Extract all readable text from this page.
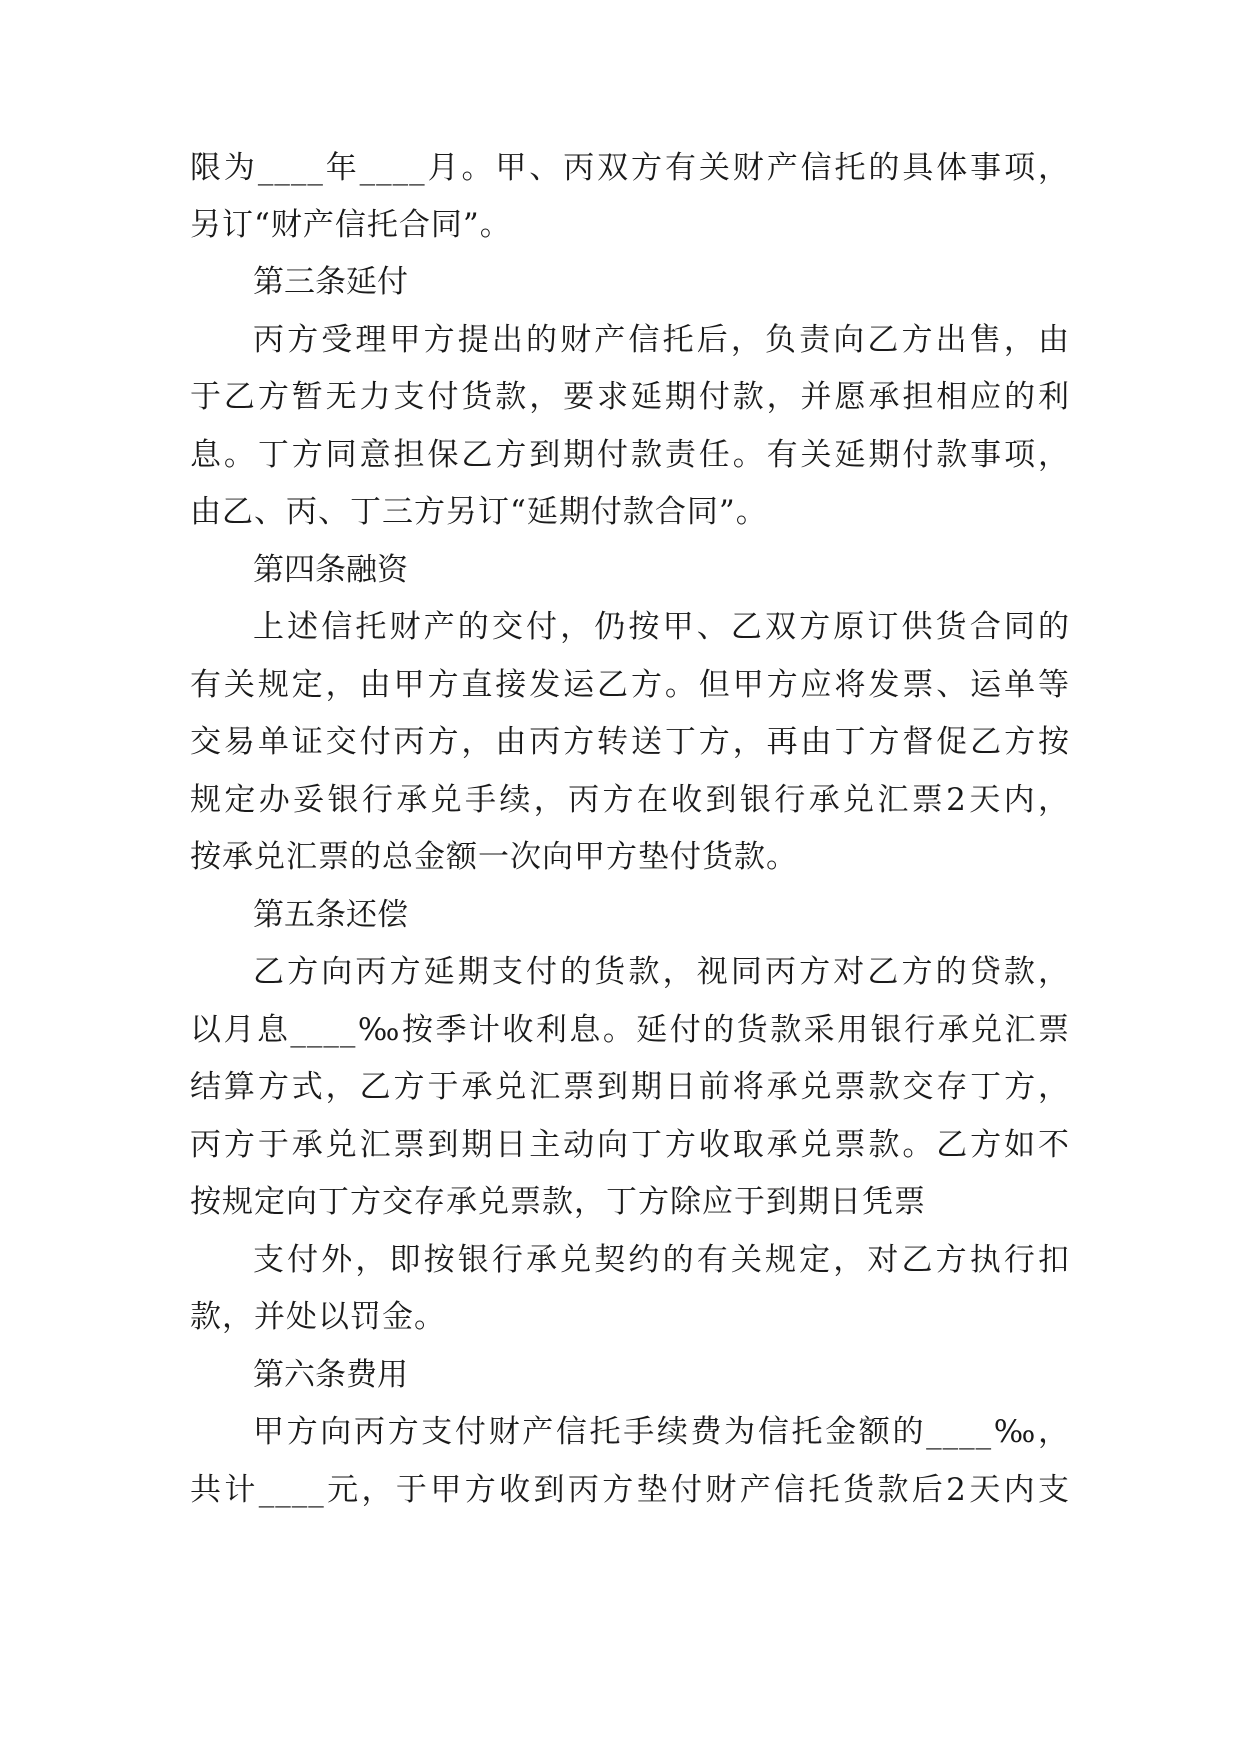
限为____年____月。甲、丙双方有关财产信托的具体事项，
另订“财产信托合同”。
第三条延付
丙方受理甲方提出的财产信托后，负责向乙方出售，由
于乙方暂无力支付货款，要求延期付款，并愿承担相应的利
息。丁方同意担保乙方到期付款责任。有关延期付款事项，
由乙、丙、丁三方另订“延期付款合同”。
第四条融资
上述信托财产的交付，仍按甲、乙双方原订供货合同的
有关规定，由甲方直接发运乙方。但甲方应将发票、运单等
交易单证交付丙方，由丙方转送丁方，再由丁方督促乙方按
规定办妥银行承兑手续，丙方在收到银行承兑汇票2天内，
按承兑汇票的总金额一次向甲方垫付货款。
第五条还偿
乙方向丙方延期支付的货款，视同丙方对乙方的贷款，
以月息____‰按季计收利息。延付的货款采用银行承兑汇票
结算方式，乙方于承兑汇票到期日前将承兑票款交存丁方，
丙方于承兑汇票到期日主动向丁方收取承兑票款。乙方如不
按规定向丁方交存承兑票款，丁方除应于到期日凭票
支付外，即按银行承兑契约的有关规定，对乙方执行扣
款，并处以罚金。
第六条费用
甲方向丙方支付财产信托手续费为信托金额的____‰，
共计____元，于甲方收到丙方垫付财产信托货款后2天内支
